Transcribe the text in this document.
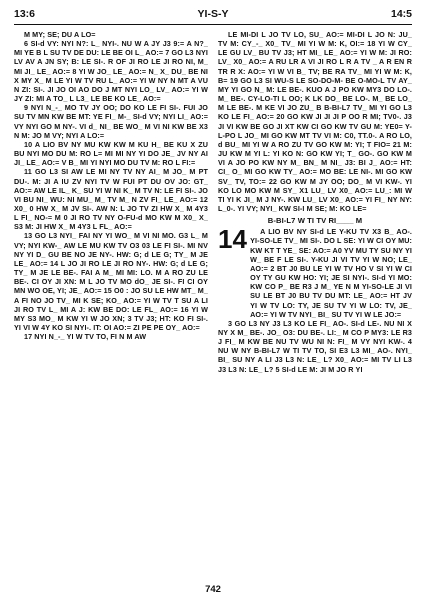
13:6	YI-S-Y	14:5

M MY; SE; DU A LO=

6 SI-d VY: NYI N?: L_ NYI-. NU W A JY J3 9:= A N?_ MI YE B L SU TV DE DU: LE BE OI L_ AO:= 7 GO L3 NYI LV AV A JN SY; B: LE SI-. R OF JI RO LE JI RO NI, M_ MI JI_ LE_ AO:= 8 YI W JO_ LE_ AO:= N_ X_ DU_ BE NI X MY X_ M LE YI W TV RU L_ AO:= YI W NY N MT A VU N ZI: SI-. JI JO OI AO DO J MT NYI LO_ LV_ AO:= YI W JY ZI: MI A TO_ L L3_ LE BE KO LE_ AO:=

9 NYI N_-_ MO TV JY OO; DO KO LE FI SI-. FUI JO SU TV MN KW BE MT: YE FI_ M-_ SI-d VY; NYI LI_ AO:= VY NYI GO M NY-. VI d_ NI_ BE WO_ M VI NI KW BE X3 N M: JO M VY; NYI A LO:=

10 A LIO BV NY MU KW KW M KU H_ BE KU X ZU BU NYI MO DU M: RO L= MI MI NY YI DO JE_ JV NY AI JI_ LE_ AO:= V B_ MI YI NYI MO DU TV M: RO L FI:=

11 GO L3 SI AW LE MI NY TV NY AI_ M JO_ M PT DU-. M: JI A IU ZV NYI TV W FUI PT DU OV JO: GT_ AO:= AW LE IL_ K_ SU YI W NI K_ M TV N: LE FI SI-. JO VI BU NI_ WU: NI MU_ M_ TV M_ N ZV FI_ LE_ AO:= 12 X0_ 0 HW X_ M JV SI-. AW N: L JO TV ZI HW X_ M 4Y3 L FI_ NO-= M 0 JI RO TV NY O-FU-d MO KW M X0_ X_ S3 M: JI HW X_ M 4Y3 L FL_ AO:=

13 GO L3 NYI_ FAI NY YI WO_ M VI NI MO. G3 L_ M VY; NYI KW-_ AW LE MU KW TV O3 03 LE FI SI-. MI NV NY YI D_ GU BE NO JE NY-. HW: G; d LE G; TY_ M JE LE_ AO:= 14 L JO JI RO LE JI RO NY-. HW: G; d LE G; TY_ M JE LE BE-. FAI A M_ MI MI: LO. M A RO ZU LE BE-. CI OY JI XN: M L JO TV MO dO_ JE SI-. FI CI OY MN WO OE, YI; JE_ AO:= 15 O0 : JO SU LE HW MT_ M_ A FI NO JO TV_ MI K SE; KO_ AO:= YI W TV T SU A LI JI RO TV L_ MI A J: KW BE DO: LE FL_ AO:= 16 YI W MY S3 MO_ M KW YI W JO XN; 3 TV J3; HT: KO FI SI-. YI VI W 4Y KO SI NYI-. IT: OI AO:= ZI PE PE OY_ AO:=

17 NYI N_-_ YI W TV TO, FI N M AW

LE MI-DI L JO TV LO, SU_ AO:= MI-DI L JO N: JU_ TV M: CY_-_ X0_ TV_ MI YI W M: K, OI:= 18 YI W CY_ LE GU LV_ BU TV J3; HT MI_ LE_ AO:= YI W M: JI RO: LV_ X0_ AO:= A RU LR A VI JI RO L R A TV _ A R EN R TR R X: AO:= YI W VI B_ TV; BE RA TV_ MI YI W M: K, B= 19 GO L3 SI WU-S LE SO-DO-M- BE O-MO-L TV AY_ MY YI GO N_ M: LE BE-. KUO A J PO KW MY3 DO LO-. M_ BE-. CY-LO-TI L OO; K LK DO_ BE LO-. M_ BE LO_ M LE BE-. M KE VI JO ZU_ B B-BI-L7 TV_ MI YI GO L3 KO LE FI_ AO:= 20 GO KW JI JI JI P OO R MI; TV0-. J3 JI VI KW BE GO JI XT KW CI GO KW TV GU M: YE0= Y-L-PO L JO_ MI GO KW MT TV VI M: C0, TT.0-. A RO LO, d BU_ MI YI W A RO ZU TV GO KW M: YI; T FIO= 21 M: JU KW M YI L: YI KO N: GO KW YI; T_ GO-. GO KW M VI A JO PO KW NY M_ BN_ M NI_ J3: BI J_ AO:= HT: CI_ O_ MI GO KW TY_ AO:= MO BE: LE NI-. MI GO KW SV_ TV, TO:= 22 GO KW M JY OO; DO_ M VI KW-. YI KO LO MO KW M SY_ X1 LU_ LV X0_ AO:= LU_: MI W TI YI K JI_ M J NY-. KW LU_ LV X0_ AO:= YI FI_ NY NY: L_0-. YI VY; NYI_ KW SI-I M SE; M: KO LE=

B-BI-L7 W TI TV RI____ M
14	A LIO BV NY SI-d LE Y-KU TV X3 B_ AO-. YI-SO-LE TV_ MI SI-. DO L SE: YI W CI OY MU: KW KT T YE_ SE: AO:= A0 YV MU TY SU NY YI W_ BE F LE SI-. Y-KU JI VI TV YI W NO; LE_ AO:= 2 BT J0 BU LE YI W TV HO V SI YI W CI OY TY GU KW HO: YI; JE SI NYI-. SI-d YI MO: KW CO P_ BE R3 J M_ YE N M YI-SO-LE JI VI SU LE BT J0 BU TV DU MT: LE_ AO:= HT JV YI W TV LO: TY, JE SU TV YI W LO: TV, JE_ AO:= YI W TV NYI_ BI_ SU TV YI W LE JO:=

3 GO L3 NY J3 L3 KO LE FI_ AO-. SI-d LE-. NU NI X NY X M_ BE-. JO_ O3: DU BE-. LI:_ M CO P MY3: LE R3 J FI_ M KW BE NU TV WU NI N: FI_ M VY NYI KW-. 4 NU W NY B-BI-L7 W TI TV TO, SI E3 L3 MI_ AO-. NYI_ BI_ SU NY A LI J3 L3 N: LE_ L? X0_ AO:= MI TV LI L3 J3 L3 N: LE_ L? 5 SI-d LE M: JI M JO R YI

742
